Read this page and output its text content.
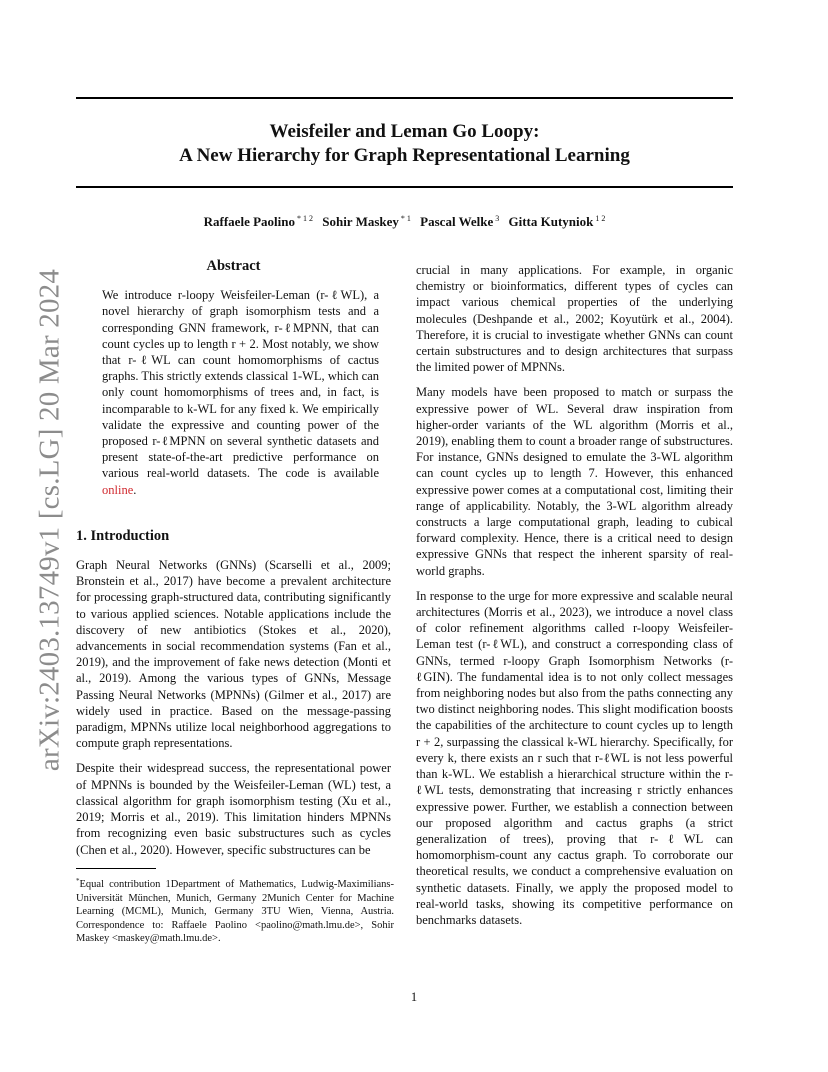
arXiv:2403.13749v1 [cs.LG] 20 Mar 2024
Weisfeiler and Leman Go Loopy:
A New Hierarchy for Graph Representational Learning
Raffaele Paolino $^{* 1 2}$ Sohir Maskey $^{* 1}$ Pascal Welke $^3$ Gitta Kutyniok $^{1 2}$
Abstract
We introduce r-loopy Weisfeiler-Leman (r-ℓWL), a novel hierarchy of graph isomorphism tests and a corresponding GNN framework, r-ℓMPNN, that can count cycles up to length r + 2. Most notably, we show that r-ℓWL can count homomorphisms of cactus graphs. This strictly extends classical 1-WL, which can only count homomorphisms of trees and, in fact, is incomparable to k-WL for any fixed k. We empirically validate the expressive and counting power of the proposed r-ℓMPNN on several synthetic datasets and present state-of-the-art predictive performance on various real-world datasets. The code is available online.
1. Introduction

Graph Neural Networks (GNNs) (Scarselli et al., 2009; Bronstein et al., 2017) have become a prevalent architecture for processing graph-structured data, contributing significantly to various applied sciences. Notable applications include the discovery of new antibiotics (Stokes et al., 2020), advancements in social recommendation systems (Fan et al., 2019), and the improvement of fake news detection (Monti et al., 2019). Among the various types of GNNs, Message Passing Neural Networks (MPNNs) (Gilmer et al., 2017) are widely used in practice. Based on the message-passing paradigm, MPNNs utilize local neighborhood aggregations to compute graph representations.

Despite their widespread success, the representational power of MPNNs is bounded by the Weisfeiler-Leman (WL) test, a classical algorithm for graph isomorphism testing (Xu et al., 2019; Morris et al., 2019). This limitation hinders MPNNs from recognizing even basic substructures such as cycles (Chen et al., 2020). However, specific substructures can be

crucial in many applications. For example, in organic chemistry or bioinformatics, different types of cycles can impact various chemical properties of the underlying molecules (Deshpande et al., 2002; Koyutürk et al., 2004). Therefore, it is crucial to investigate whether GNNs can count certain substructures and to design architectures that surpass the limited power of MPNNs.

Many models have been proposed to match or surpass the expressive power of WL. Several draw inspiration from higher-order variants of the WL algorithm (Morris et al., 2019), enabling them to count a broader range of substructures. For instance, GNNs designed to emulate the 3-WL algorithm can count cycles up to length 7. However, this enhanced expressive power comes at a computational cost, limiting their range of applicability. Notably, the 3-WL algorithm already constructs a large computational graph, leading to cubical forward complexity. Hence, there is a critical need to design expressive GNNs that respect the inherent sparsity of real-world graphs.

In response to the urge for more expressive and scalable neural architectures (Morris et al., 2023), we introduce a novel class of color refinement algorithms called r-loopy Weisfeiler-Leman test (r-ℓWL), and construct a corresponding class of GNNs, termed r-loopy Graph Isomorphism Networks (r-ℓGIN). The fundamental idea is to not only collect messages from neighboring nodes but also from the paths connecting any two distinct neighboring nodes. This slight modification boosts the capabilities of the architecture to count cycles up to length r + 2, surpassing the classical k-WL hierarchy. Specifically, for every k, there exists an r such that r-ℓWL is not less powerful than k-WL. We establish a hierarchical structure within the r-ℓWL tests, demonstrating that increasing r strictly enhances expressive power. Further, we establish a connection between our proposed algorithm and cactus graphs (a strict generalization of trees), proving that r-ℓWL can homomorphism-count any cactus graph. To corroborate our theoretical results, we conduct a comprehensive evaluation on synthetic datasets. Finally, we apply the proposed model to real-world tasks, showing its competitive performance on benchmarks datasets.

*Equal contribution 1Department of Mathematics, Ludwig-Maximilians-Universität München, Munich, Germany 2Munich Center for Machine Learning (MCML), Munich, Germany 3TU Wien, Vienna, Austria. Correspondence to: Raffaele Paolino <paolino@math.lmu.de>, Sohir Maskey <maskey@math.lmu.de>.
1
